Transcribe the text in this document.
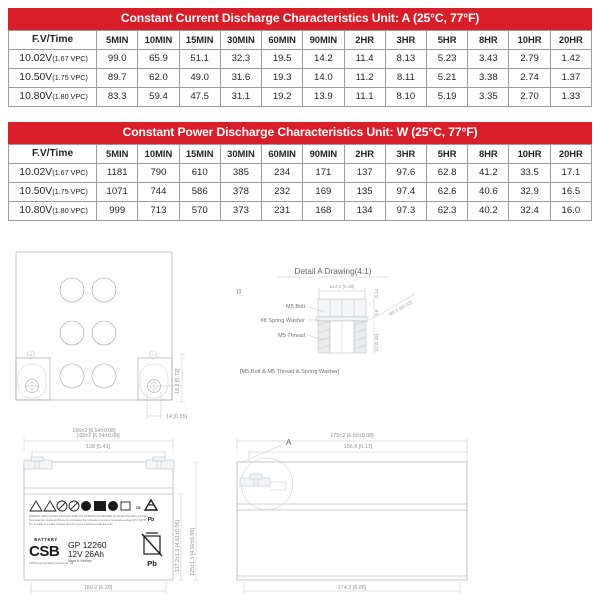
Constant Current Discharge Characteristics Unit: A (25°C, 77°F)
F.V/Time	5MIN	10MIN	15MIN	30MIN	60MIN	90MIN	2HR	3HR	5HR	8HR	10HR	20HR
10.02V(1.67 VPC)	99.0	65.9	51.1	32.3	19.5	14.2	11.4	8.13	5.23	3.43	2.79	1.42
10.50V(1.75 VPC)	89.7	62.0	49.0	31.6	19.3	14.0	11.2	8.11	5.21	3.38	2.74	1.37
10.80V(1.80 VPC)	83.3	59.4	47.5	31.1	19.2	13.9	11.1	8.10	5.19	3.35	2.70	1.33
Constant Power Discharge Characteristics Unit: W (25°C, 77°F)
F.V/Time	5MIN	10MIN	15MIN	30MIN	60MIN	90MIN	2HR	3HR	5HR	8HR	10HR	20HR
10.02V(1.67 VPC)	1181	790	610	385	234	171	137	97.6	62.8	41.2	33.5	17.1
10.50V(1.75 VPC)	1071	744	586	378	232	169	135	97.4	62.6	40.6	32.9	16.5
10.80V(1.80 VPC)	999	713	570	373	231	168	134	97.3	62.3	40.2	32.4	16.0
18.2 [0.72]
14 [0.55]
166±2 [6.54±0.08]
Detail A Drawing(4:1)
[1
ø12.2 [0.48]
0.14
3.6
10 [0.39]
M5.5 [ø0.52]
M5 Bolt
#8 Spring Washer
M5 Thread
[M5 Bolt & M5 Thread & Spring Washer]
166±2 [6.54±0.08]
138 [5.43]
CE
Pb
WARNING: Battery contains sulfuric acid. KEEP OUT OF REACH OF CHILDREN. Do not short the battery terminals.
Keep away from sparks and flames. Do not disassemble, incinerate or expose to temperatures above 60°C (140°F).
Do not charge in a sealed container. Recycle / return to authorized collection point.
BATTERY
CSB
CSB Energy Technology (Vietnam) Co., Ltd.
GP 12260
12V 26Ah
Made in Vietnam	Pb	117.2±1.5 [4.61±0.06] 125±1.5 [4.92±0.06]
160.2 [6.30]
175±2 [6.89±0.08]
156.8 [6.17]
A
174.2 [6.86]
